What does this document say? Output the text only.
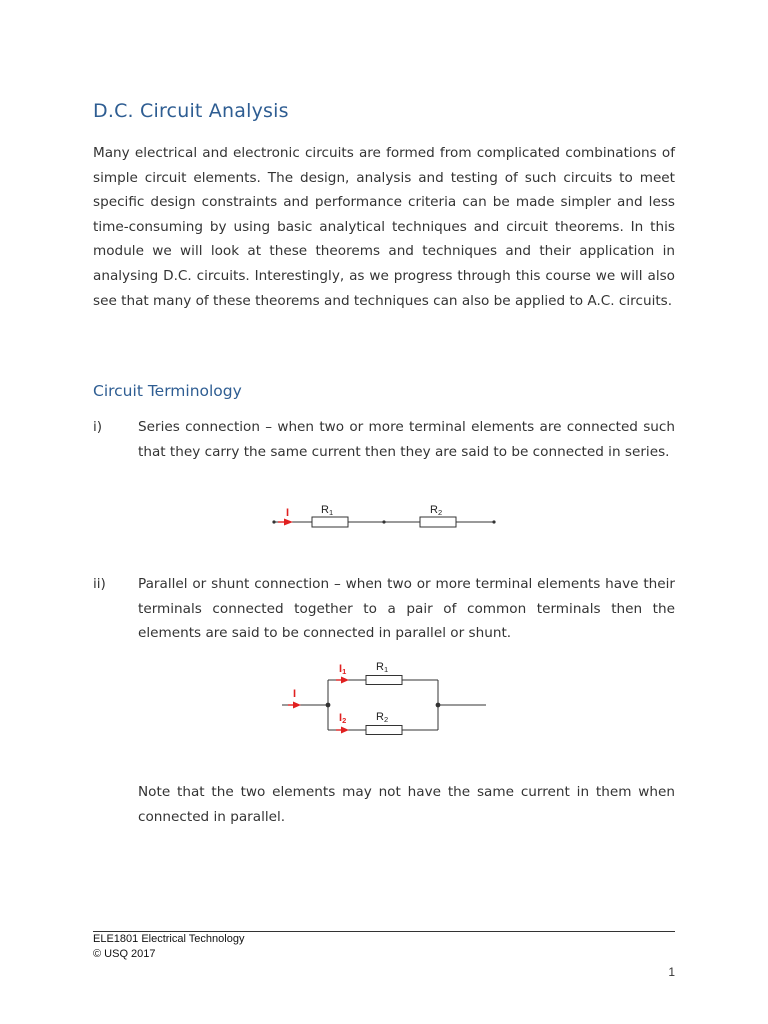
D.C. Circuit Analysis
Many electrical and electronic circuits are formed from complicated combinations of simple circuit elements. The design, analysis and testing of such circuits to meet specific design constraints and performance criteria can be made simpler and less time-consuming by using basic analytical techniques and circuit theorems. In this module we will look at these theorems and techniques and their application in analysing D.C. circuits. Interestingly, as we progress through this course we will also see that many of these theorems and techniques can also be applied to A.C. circuits.
Circuit Terminology
i)	Series connection – when two or more terminal elements are connected such that they carry the same current then they are said to be connected in series.
I	R1	R2
ii)	Parallel or shunt connection – when two or more terminal elements have their terminals connected together to a pair of common terminals then the elements are said to be connected in parallel or shunt.
I
I1
I2
R1
R2
Note that the two elements may not have the same current in them when connected in parallel.
ELE1801 Electrical Technology
© USQ 2017
1
